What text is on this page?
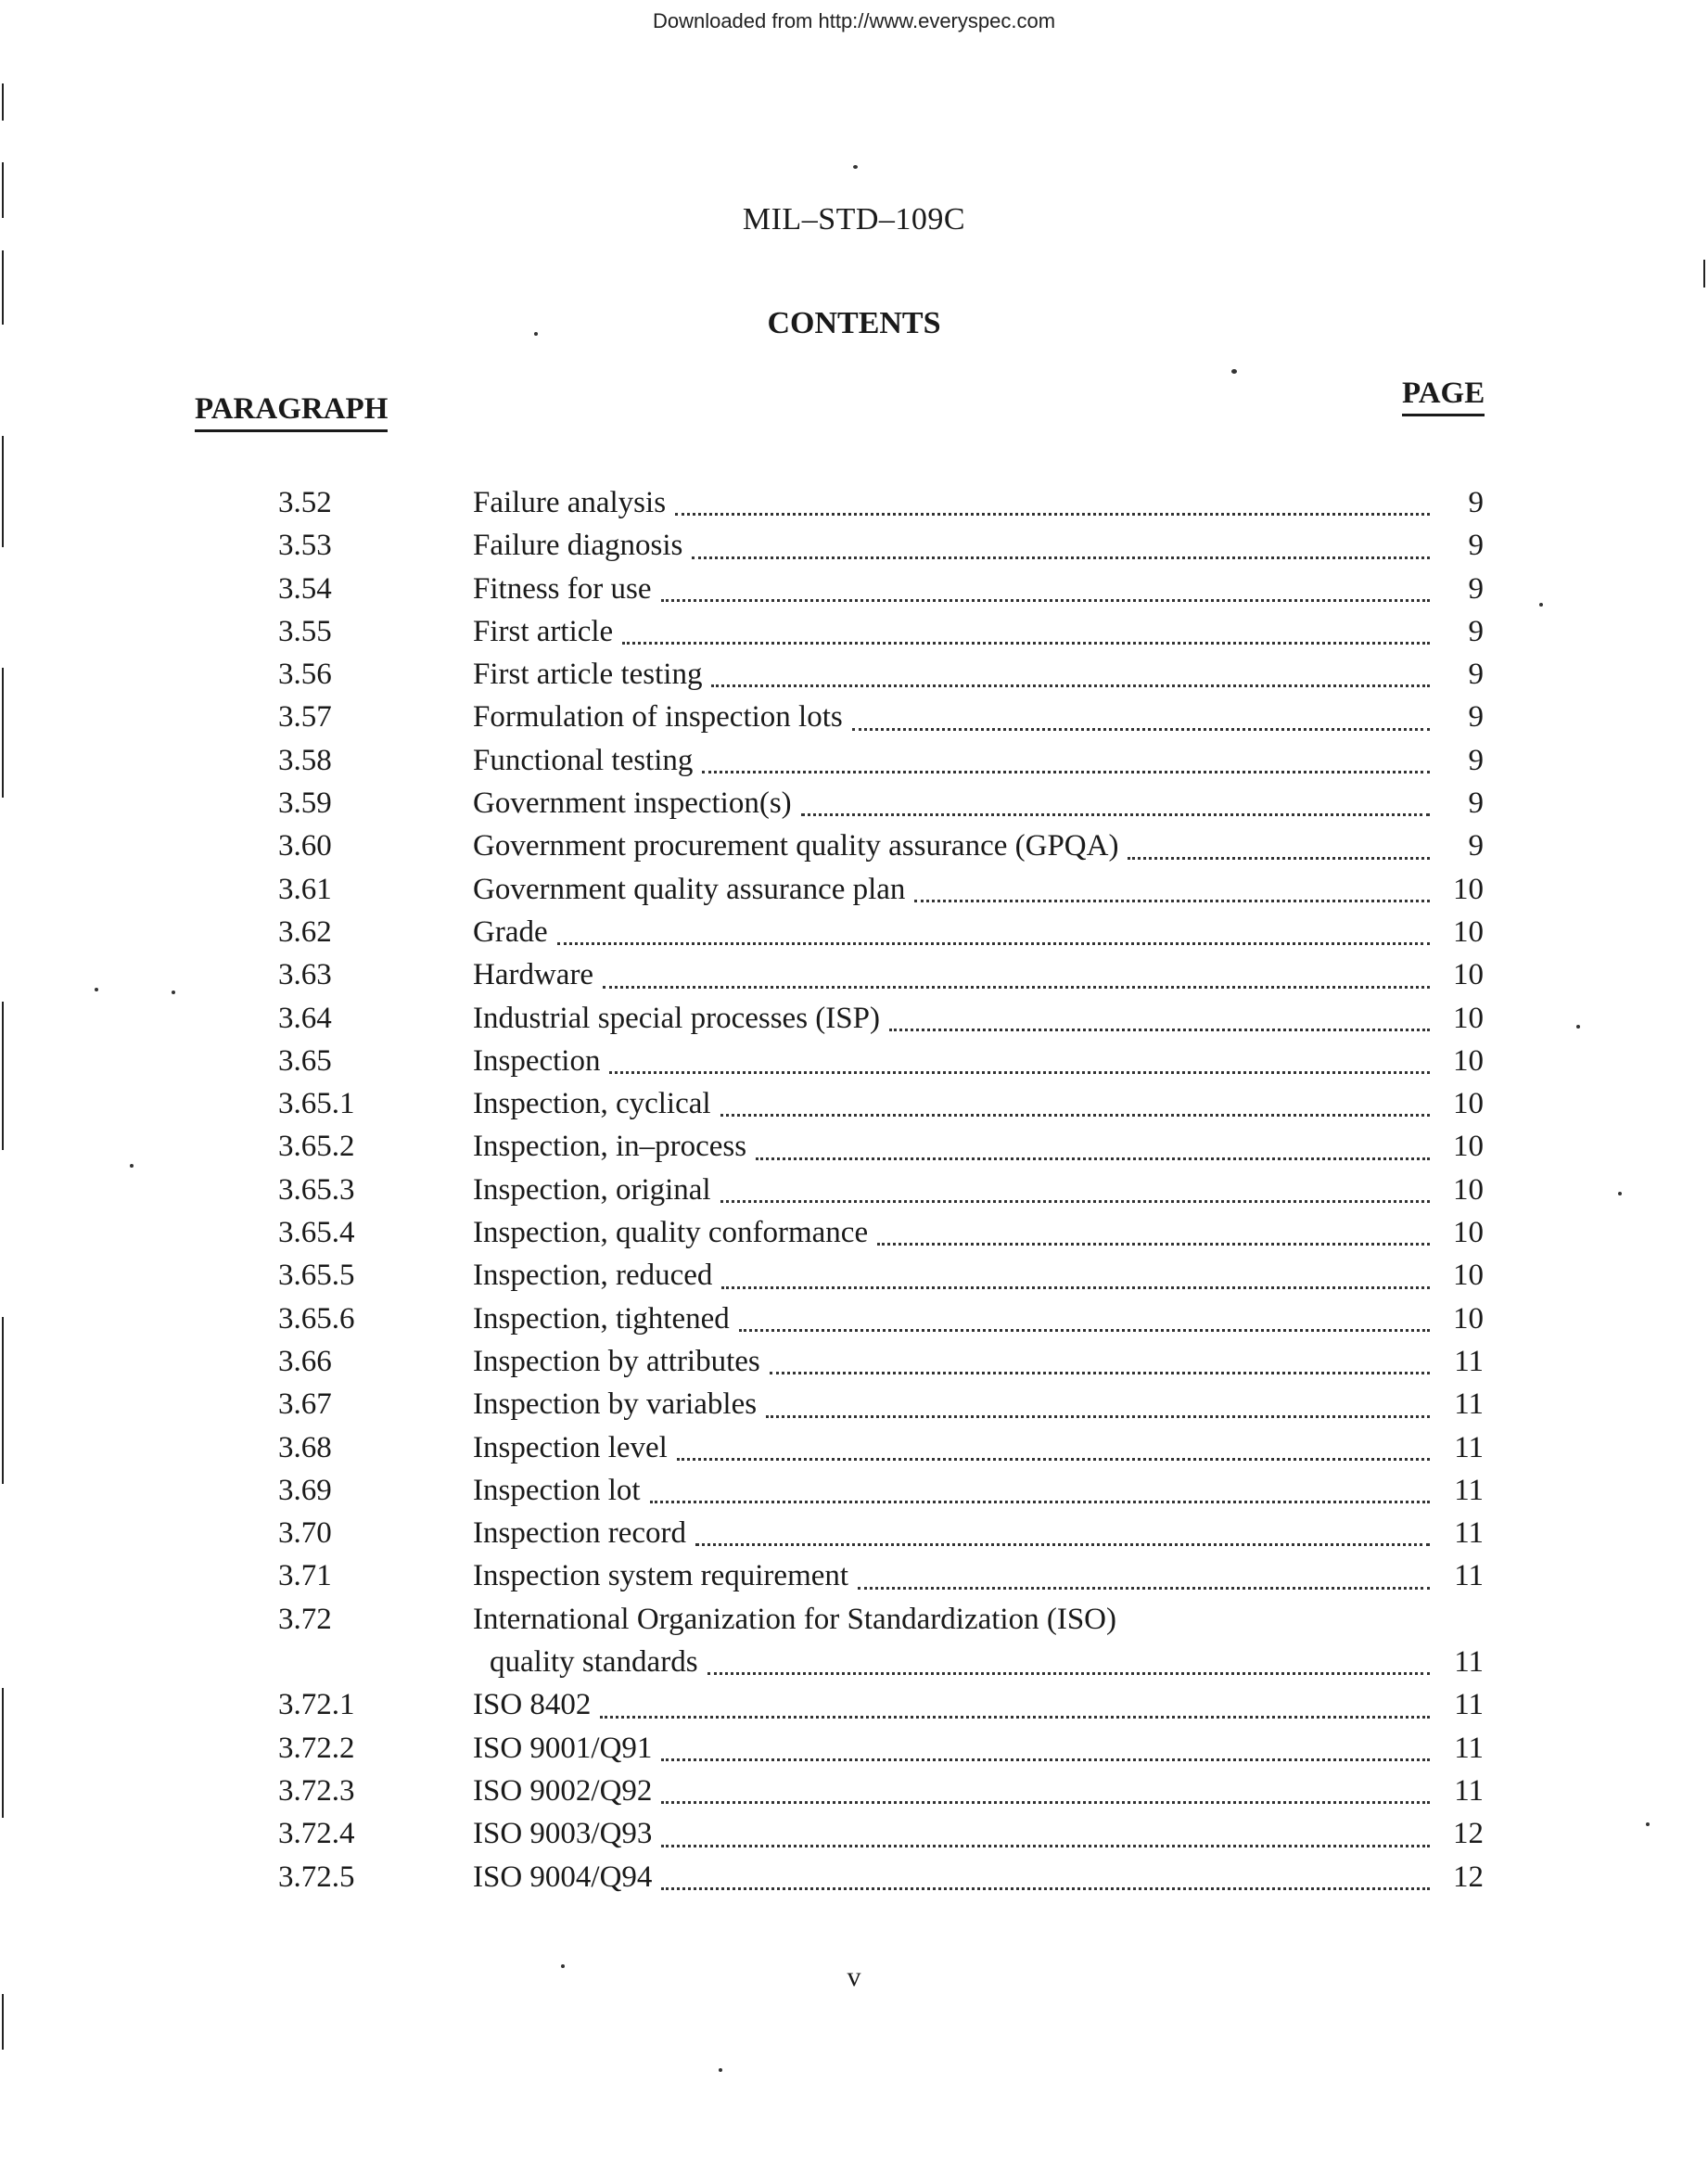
Downloaded from http://www.everyspec.com
MIL–STD–109C
CONTENTS
PARAGRAPH	PAGE
3.52	Failure analysis	9
3.53	Failure diagnosis	9
3.54	Fitness for use	9
3.55	First article	9
3.56	First article testing	9
3.57	Formulation of inspection lots	9
3.58	Functional testing	9
3.59	Government inspection(s)	9
3.60	Government procurement quality assurance (GPQA)	9
3.61	Government quality assurance plan	10
3.62	Grade	10
3.63	Hardware	10
3.64	Industrial special processes (ISP)	10
3.65	Inspection	10
3.65.1	Inspection, cyclical	10
3.65.2	Inspection, in–process	10
3.65.3	Inspection, original	10
3.65.4	Inspection, quality conformance	10
3.65.5	Inspection, reduced	10
3.65.6	Inspection, tightened	10
3.66	Inspection by attributes	11
3.67	Inspection by variables	11
3.68	Inspection level	11
3.69	Inspection lot	11
3.70	Inspection record	11
3.71	Inspection system requirement	11
3.72	International Organization for Standardization (ISO)
quality standards	11
3.72.1	ISO 8402	11
3.72.2	ISO 9001/Q91	11
3.72.3	ISO 9002/Q92	11
3.72.4	ISO 9003/Q93	12
3.72.5	ISO 9004/Q94	12
v
